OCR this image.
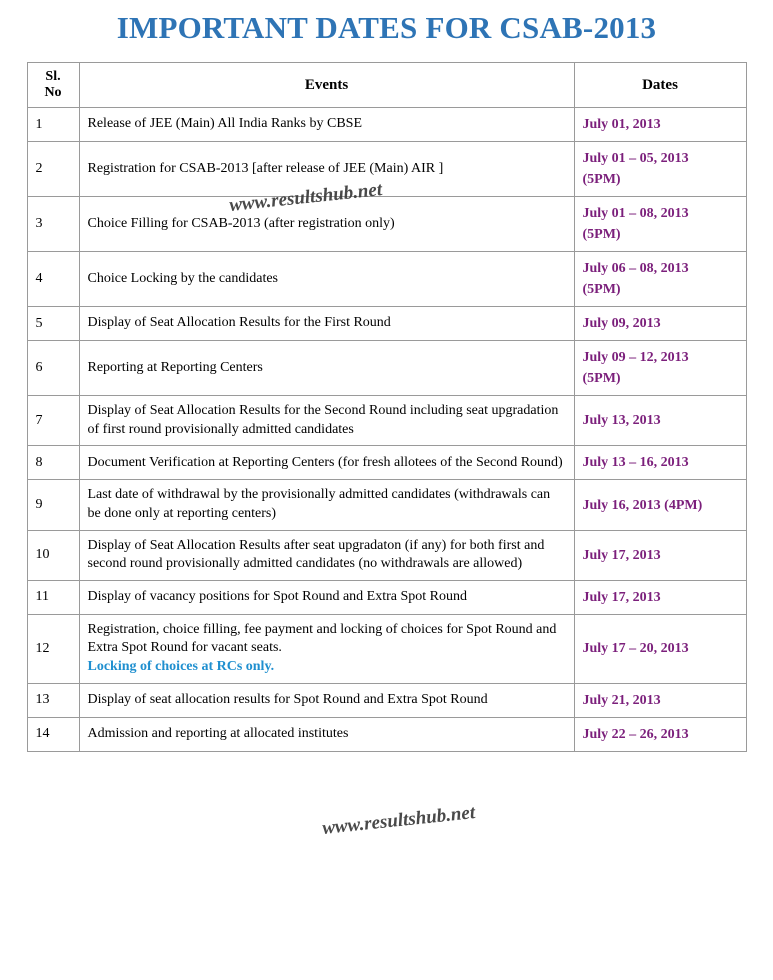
IMPORTANT DATES FOR CSAB-2013
Sl.
No	Events	Dates
1	Release of JEE (Main) All India Ranks by CBSE	July 01, 2013
2	Registration for CSAB-2013 [after release of JEE (Main) AIR ]	July 01 – 05, 2013
(5PM)

3	Choice Filling for CSAB-2013 (after registration only)	July 01 – 08, 2013
(5PM)

4	Choice Locking by the candidates	July 06 – 08, 2013
(5PM)

5	Display of Seat Allocation Results for the First Round	July 09, 2013
6	Reporting at Reporting Centers	July 09 – 12, 2013
(5PM)

7	Display of Seat Allocation Results for the Second Round including seat upgradation of first round provisionally admitted candidates	July 13, 2013
8	Document Verification at Reporting Centers (for fresh allotees of the Second Round)	July 13 – 16, 2013
9	Last date of withdrawal by the provisionally admitted candidates (withdrawals can be done only at reporting centers)	July 16, 2013 (4PM)
10	Display of Seat Allocation Results after seat upgradaton (if any) for both first and second round provisionally admitted candidates (no withdrawals are allowed)	July 17, 2013
11	Display of vacancy positions for Spot Round and Extra Spot Round	July 17, 2013
12	Registration, choice filling, fee payment and locking of choices for Spot Round and Extra Spot Round for vacant seats.
Locking of choices at RCs only.	July 17 – 20, 2013
13	Display of seat allocation results for Spot Round and Extra Spot Round	July 21, 2013
14	Admission and reporting at allocated institutes	July 22 – 26, 2013
www.resultshub.net
www.resultshub.net
